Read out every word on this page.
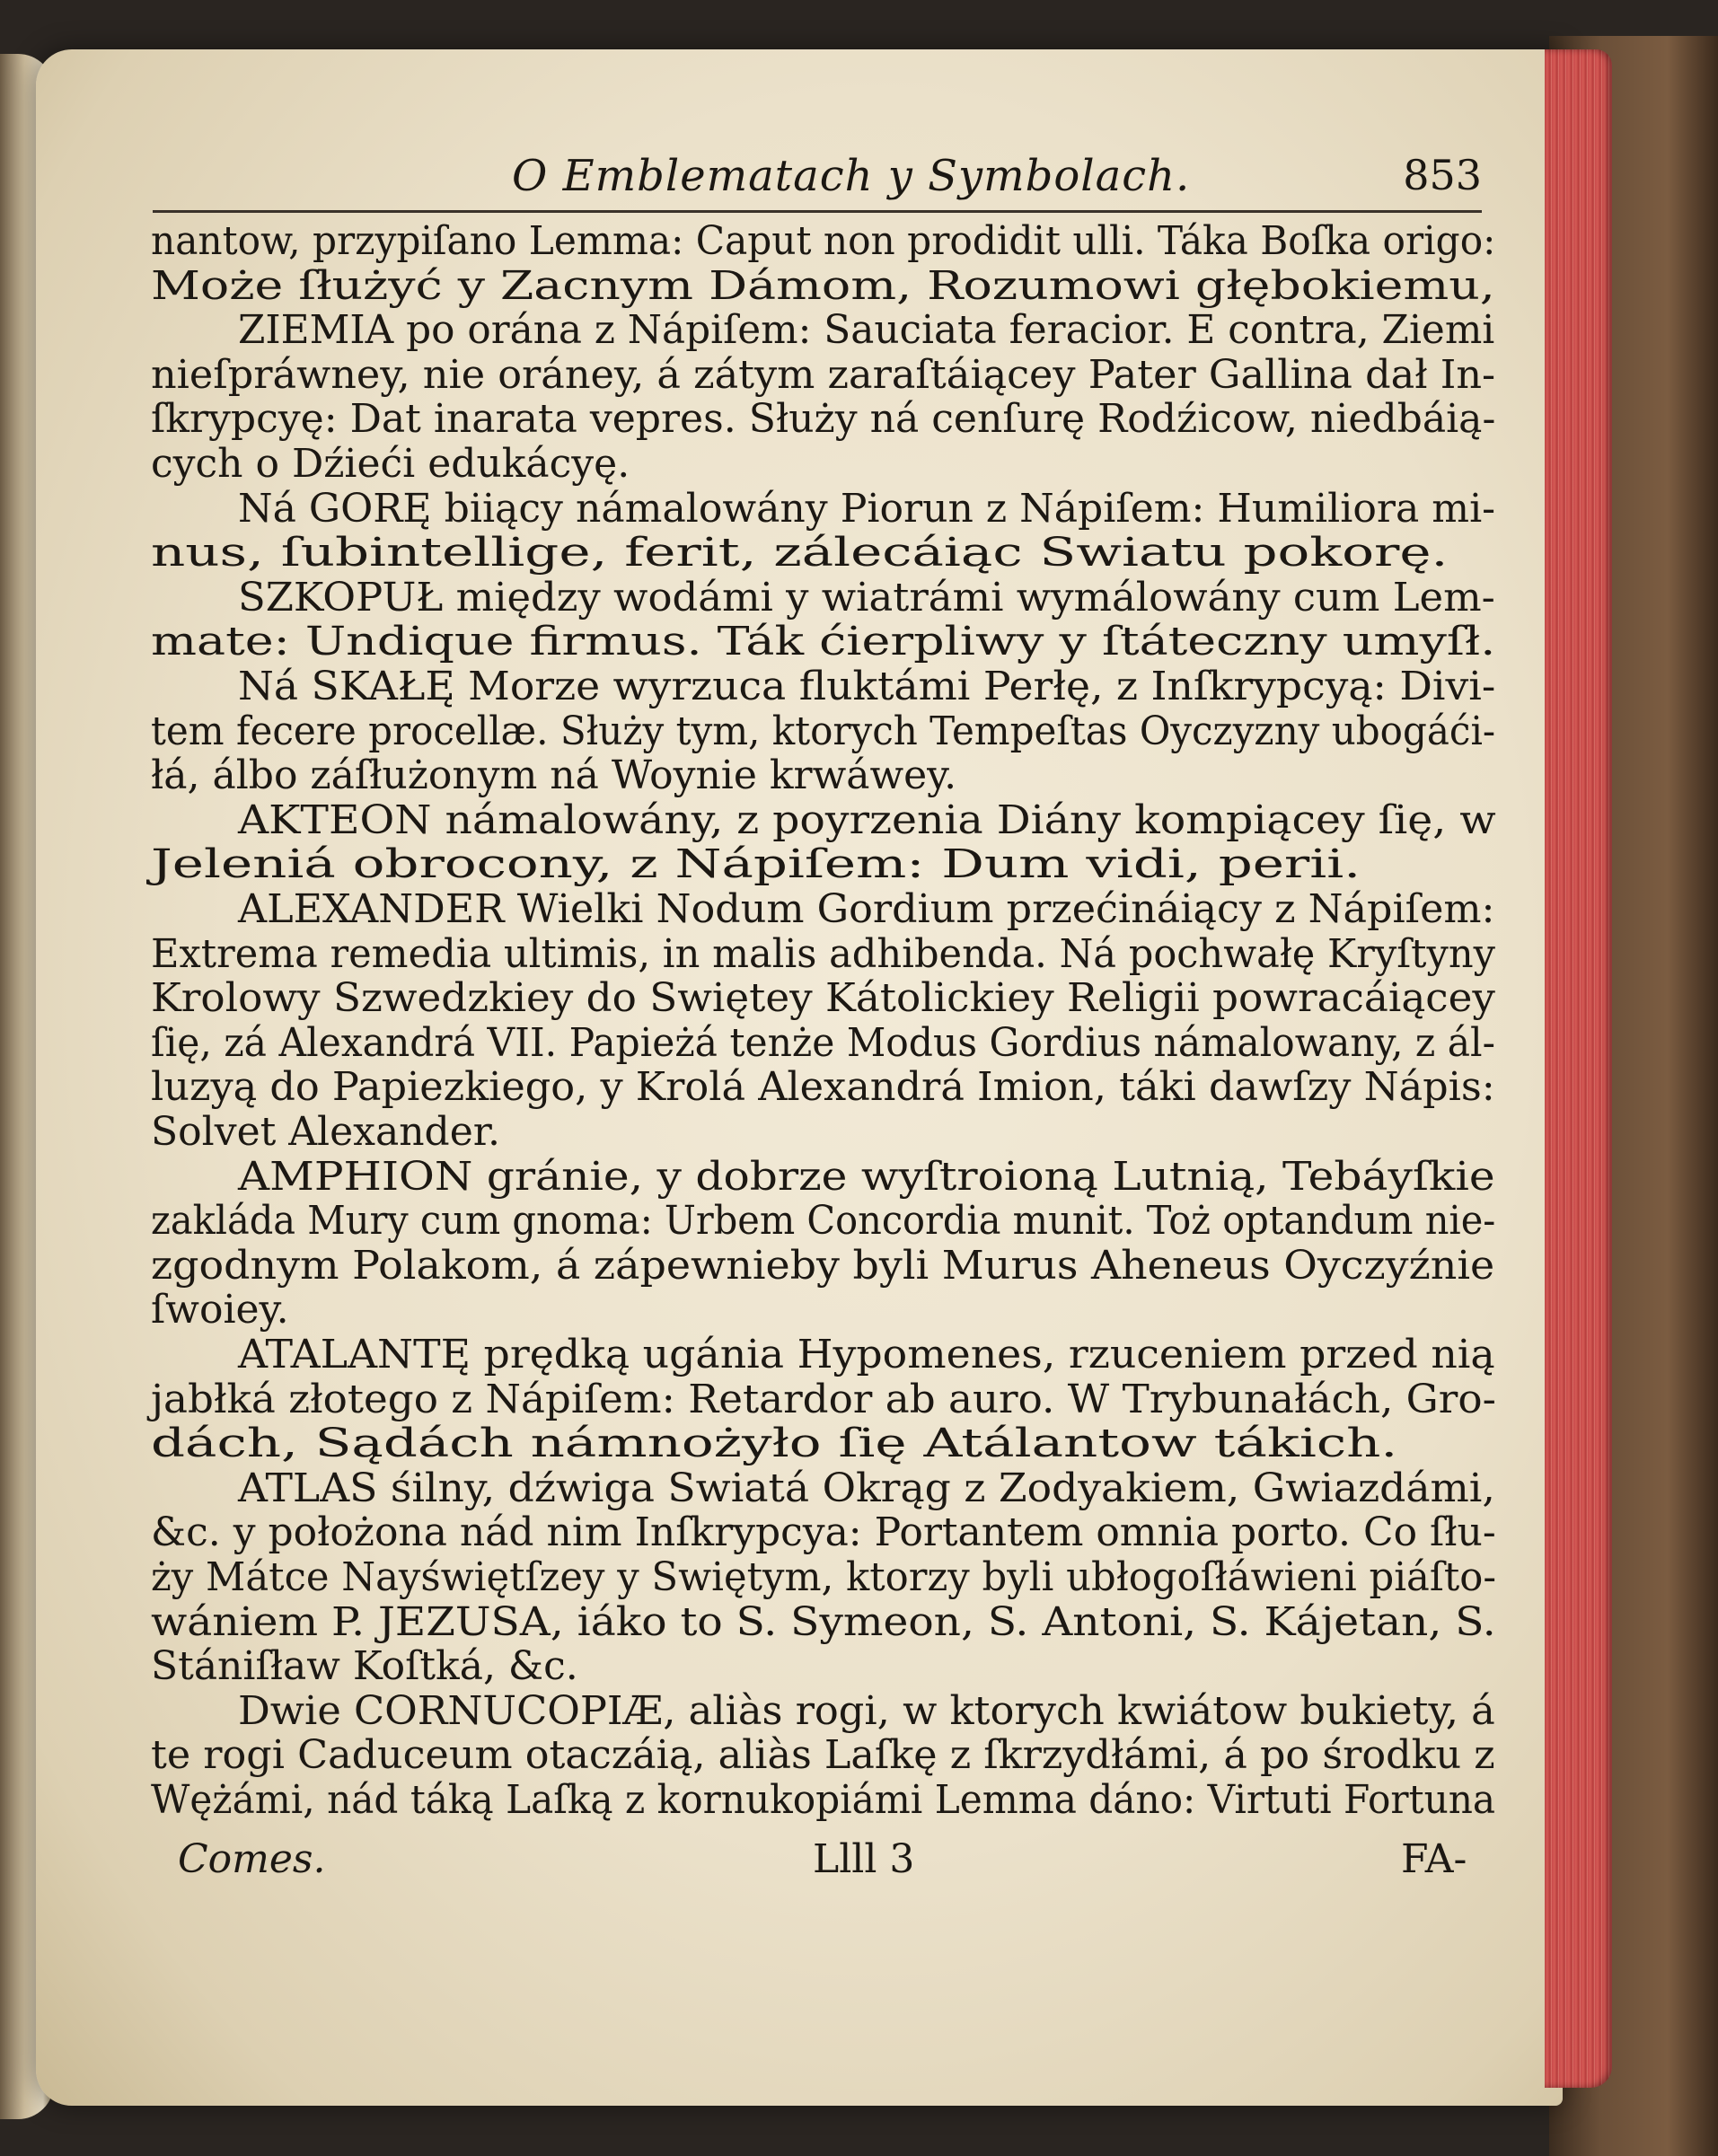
O Emblematach y Symbolach.	853
nantow, przypiſano Lemma: Caput non prodidit ulli. Táka Boſka origo:
Może ſłużyć y Zacnym Dámom, Rozumowi głębokiemu,
ZIEMIA po orána z Nápiſem: Sauciata feracior. E contra, Ziemi
nieſpráwney, nie oráney, á zátym zaraſtáiącey Pater Gallina dał In-
ſkrypcyę: Dat inarata vepres. Służy ná cenſurę Rodźicow, niedbáią-
cych o Dźieći edukácyę.
Ná GORĘ biiący námalowány Piorun z Nápiſem: Humiliora mi-
nus, ſubintellige, ferit, zálecáiąc Swiatu pokorę.
SZKOPUŁ między wodámi y wiatrámi wymálowány cum Lem-
mate: Undique firmus. Ták ćierpliwy y ſtáteczny umyſł.
Ná SKAŁĘ Morze wyrzuca fluktámi Perłę, z Inſkrypcyą: Divi-
tem fecere procellæ. Służy tym, ktorych Tempeſtas Oyczyzny ubogáći-
łá, álbo záſłużonym ná Woynie krwáwey.
AKTEON námalowány, z poyrzenia Diány kompiącey ſię, w
Jeleniá obrocony, z Nápiſem: Dum vidi, perii.
ALEXANDER Wielki Nodum Gordium przećináiący z Nápiſem:
Extrema remedia ultimis, in malis adhibenda. Ná pochwałę Kryſtyny
Krolowy Szwedzkiey do Swiętey Kátolickiey Religii powracáiącey
ſię, zá Alexandrá VII. Papieżá tenże Modus Gordius námalowany, z ál-
luzyą do Papiezkiego, y Krolá Alexandrá Imion, táki dawſzy Nápis:
Solvet Alexander.
AMPHION gránie, y dobrze wyſtroioną Lutnią, Tebáyſkie
zakláda Mury cum gnoma: Urbem Concordia munit. Toż optandum nie-
zgodnym Polakom, á zápewnieby byli Murus Aheneus Oyczyźnie
ſwoiey.
ATALANTĘ prędką ugánia Hypomenes, rzuceniem przed nią
jabłká złotego z Nápiſem: Retardor ab auro. W Trybunałách, Gro-
dách, Sądách námnożyło ſię Atálantow tákich.
ATLAS śilny, dźwiga Swiatá Okrąg z Zodyakiem, Gwiazdámi,
&c. y położona nád nim Inſkrypcya: Portantem omnia porto. Co ſłu-
ży Mátce Nayświętſzey y Swiętym, ktorzy byli ubłogoſłáwieni piáſto-
wániem P. JEZUSA, iáko to S. Symeon, S. Antoni, S. Kájetan, S.
Stániſław Koſtká, &c.
Dwie CORNUCOPIÆ, aliàs rogi, w ktorych kwiátow bukiety, á
te rogi Caduceum otaczáią, aliàs Laſkę z ſkrzydłámi, á po środku z
Wężámi, nád táką Laſką z kornukopiámi Lemma dáno: Virtuti Fortuna
Comes.	Llll 3	FA-
